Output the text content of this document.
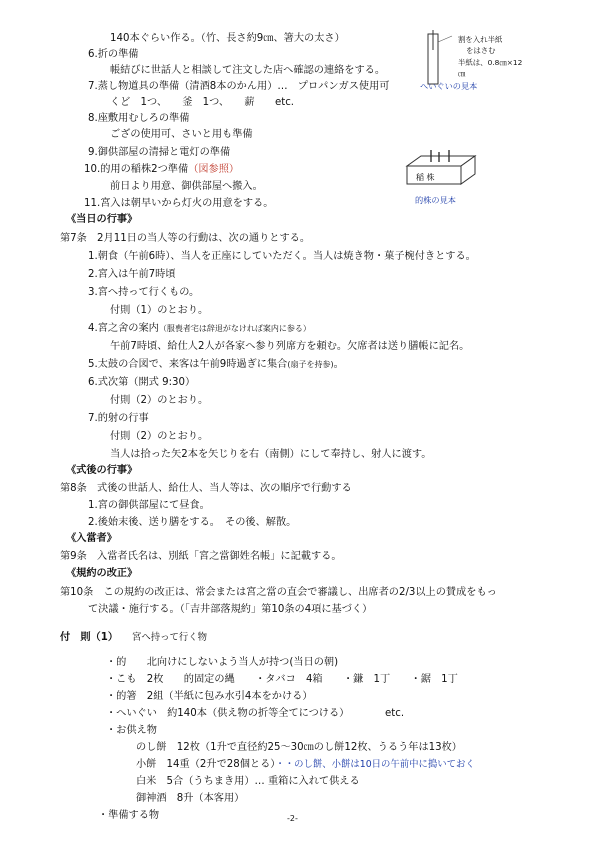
140本ぐらい作る。（竹、長さ約9㎝、箸大の太さ）
6.折の準備
帳結びに世話人と相談して注文した店へ確認の連絡をする。
7.蒸し物道具の準備（清酒8本のかん用）…　プロパンガス使用可
くど　1つ、　　釜　1つ、　　薪　　etc.
8.座敷用むしろの準備
ござの使用可、さいと用も準備
9.御供部屋の清掃と電灯の準備
10.的用の稲株2つ準備（図参照）
前日より用意、御供部屋へ搬入。
11.宮入は朝早いから灯火の用意をする。
《当日の行事》
第7条　2月11日の当人等の行動は、次の通りとする。
1.朝食（午前6時）、当人を正座にしていただく。当人は焼き物・菓子椀付きとする。
2.宮入は午前7時頃
3.宮へ持って行くもの。
付則（1）のとおり。
4.宮之舍の案内（服喪者宅は辞退がなければ案内に参る）
午前7時頃、給仕人2人が各家へ参り列席方を頼む。欠席者は送り膳帳に記名。
5.太鼓の合図で、来客は午前9時過ぎに集合(扇子を持参)。
6.式次第（開式 9:30）
付則（2）のとおり。
7.的射の行事
付則（2）のとおり。
当人は拾った矢2本を矢じりを右（南側）にして奉持し、射人に渡す。
《式後の行事》
第8条　式後の世話人、給仕人、当人等は、次の順序で行動する
1.宮の御供部屋にて昼食。
2.後始末後、送り膳をする。　その後、解散。
《入當者》
第9条　入當者氏名は、別紙「宮之當御姓名帳」に記載する。
《規約の改正》
第10条　この規約の改正は、常会または宮之當の直会で審議し、出席者の2/3以上の賛成をもっ
て決議・施行する。（「吉井部落規約」第10条の4項に基づく）
付　則（1） 宮へ持って行く物
・的　　北向けにしないよう当人が持つ(当日の朝)
・こも　2枚　　的固定の縄　　・タバコ　4箱　　・鎌　1丁　　・鋸　1丁
・的箸　2組（半紙に包み水引4本をかける）
・へいぐい　約140本（供え物の折等全てにつける）　　　　etc.
・お供え物
のし餅　12枚（1升で直径約25～30㎝のし餅12枚、うるう年は13枚）
小餅　14重（2升で28個とる）・・のし餅、小餅は10日の午前中に搗いておく
白米　5合（うちまき用）… 重箱に入れて供える
御神酒　8升（本客用）
・準備する物	-2-
割を入れ半紙
をはさむ
半紙は、0.8㎝×12
㎝
へいぐいの見本
稲 株
的株の見本
